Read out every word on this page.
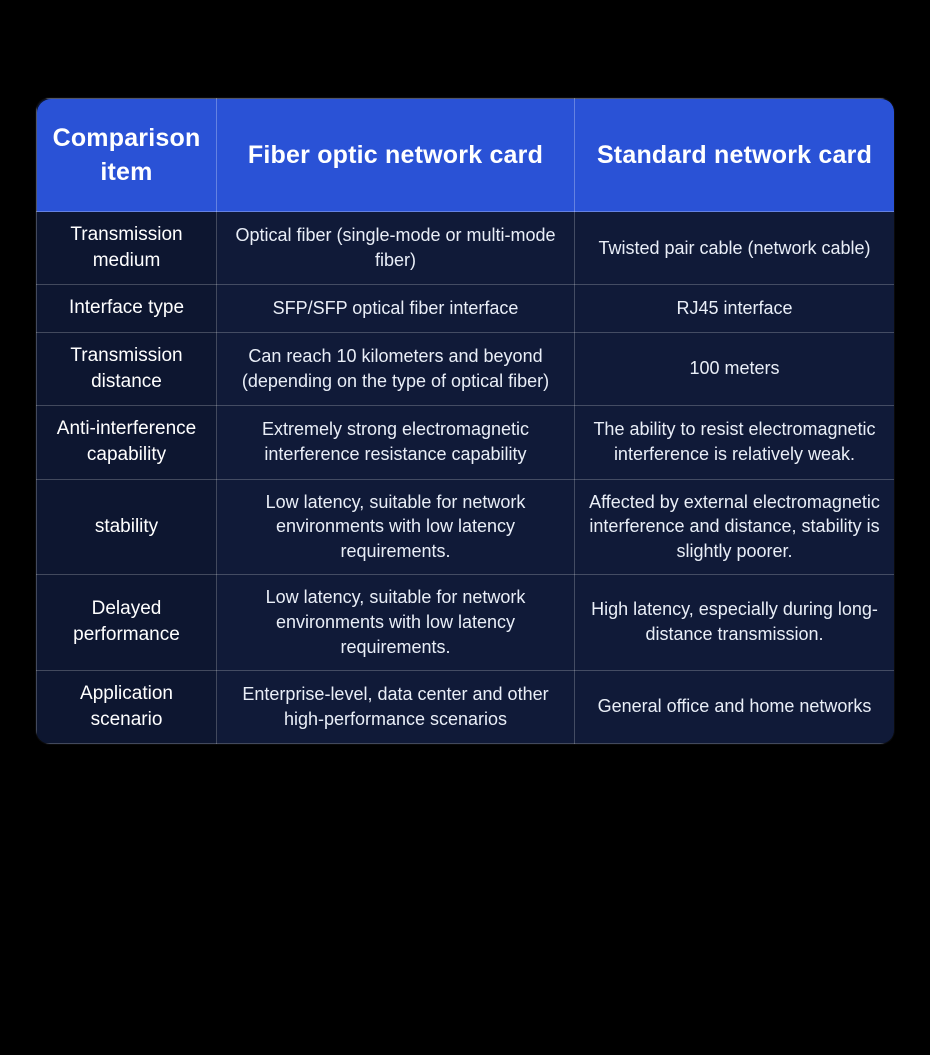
Comparison item	Fiber optic network card	Standard network card
Transmission medium	Optical fiber (single-mode or multi-mode fiber)	Twisted pair cable (network cable)
Interface type	SFP/SFP optical fiber interface	RJ45 interface
Transmission distance	Can reach 10 kilometers and beyond (depending on the type of optical fiber)	100 meters
Anti-interference capability	Extremely strong electromagnetic interference resistance capability	The ability to resist electromagnetic interference is relatively weak.
stability	Low latency, suitable for network environments with low latency requirements.	Affected by external electromagnetic interference and distance, stability is slightly poorer.
Delayed performance	Low latency, suitable for network environments with low latency requirements.	High latency, especially during long-distance transmission.
Application scenario	Enterprise-level, data center and other high-performance scenarios	General office and home networks
